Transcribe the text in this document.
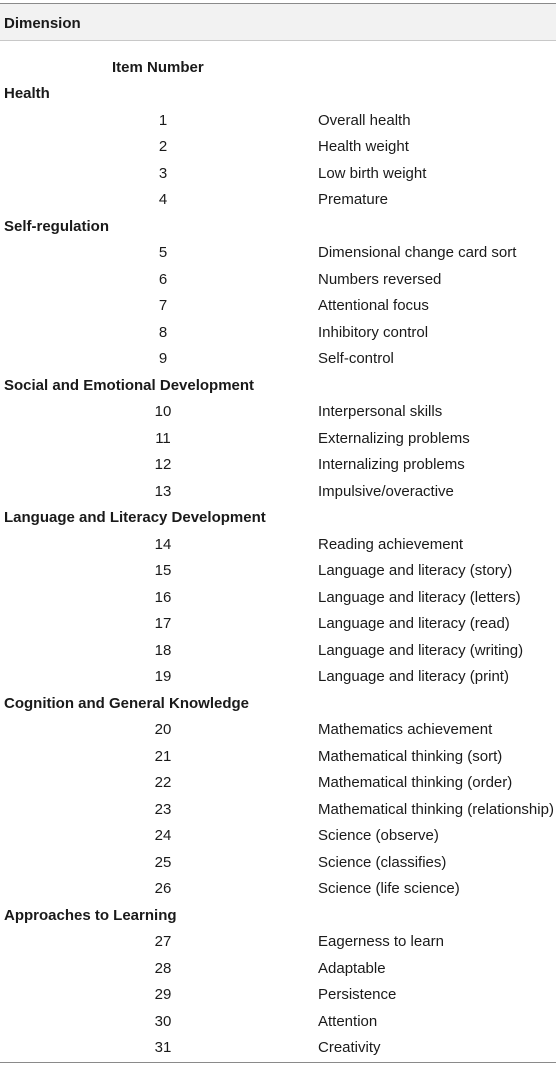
Dimension
Item Number
Health
1	Overall health
2	Health weight
3	Low birth weight
4	Premature
Self-regulation
5	Dimensional change card sort
6	Numbers reversed
7	Attentional focus
8	Inhibitory control
9	Self-control
Social and Emotional Development
10	Interpersonal skills
11	Externalizing problems
12	Internalizing problems
13	Impulsive/overactive
Language and Literacy Development
14	Reading achievement
15	Language and literacy (story)
16	Language and literacy (letters)
17	Language and literacy (read)
18	Language and literacy (writing)
19	Language and literacy (print)
Cognition and General Knowledge
20	Mathematics achievement
21	Mathematical thinking (sort)
22	Mathematical thinking (order)
23	Mathematical thinking (relationship)
24	Science (observe)
25	Science (classifies)
26	Science (life science)
Approaches to Learning
27	Eagerness to learn
28	Adaptable
29	Persistence
30	Attention
31	Creativity
